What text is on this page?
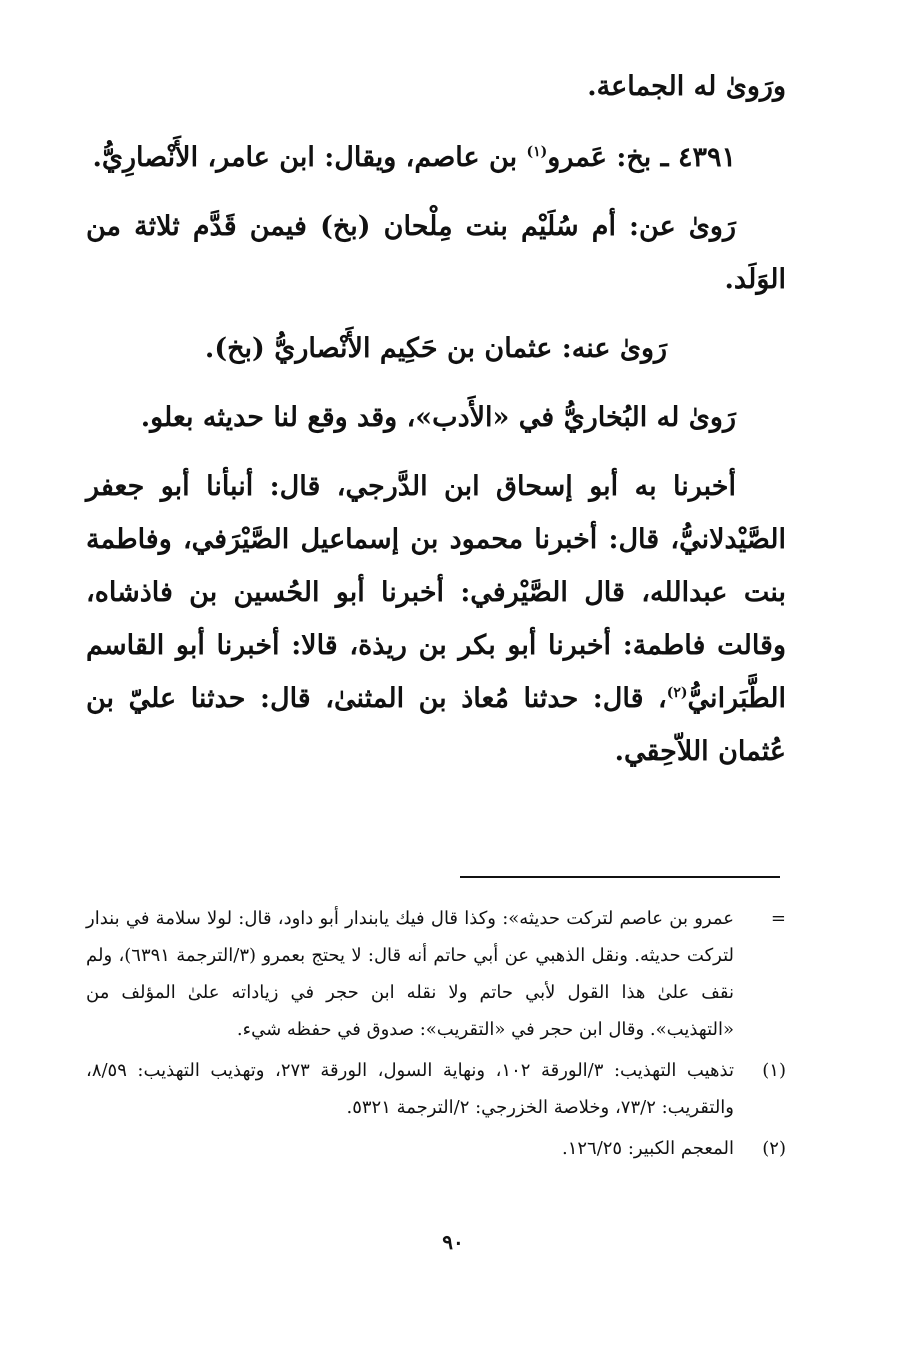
ورَوىٰ له الجماعة.

٤٣٩١ ـ بخ: عَمرو$^{(١)}$ بن عاصم، ويقال: ابن عامر، الأَنْصارِيُّ.

رَوىٰ عن: أم سُلَيْم بنت مِلْحان (بخ) فيمن قَدَّم ثلاثة من الوَلَد.

رَوىٰ عنه: عثمان بن حَكِيم الأَنْصاريُّ (بخ).

رَوىٰ له البُخاريُّ في «الأَدب»، وقد وقع لنا حديثه بعلو.

أخبرنا به أبو إسحاق ابن الدَّرجي، قال: أنبأنا أبو جعفر الصَّيْدلانيُّ، قال: أخبرنا محمود بن إسماعيل الصَّيْرَفي، وفاطمة بنت عبدالله، قال الصَّيْرفي: أخبرنا أبو الحُسين بن فاذشاه، وقالت فاطمة: أخبرنا أبو بكر بن ريذة، قالا: أخبرنا أبو القاسم الطَّبَرانيُّ$^{(٢)}$، قال: حدثنا مُعاذ بن المثنىٰ، قال: حدثنا عليّ بن عُثمان اللاّحِقي.

=
عمرو بن عاصم لتركت حديثه»: وكذا قال فيك يابندار أبو داود، قال: لولا سلامة في بندار لتركت حديثه. ونقل الذهبي عن أبي حاتم أنه قال: لا يحتج بعمرو (٣/الترجمة ٦٣٩١)، ولم نقف علىٰ هذا القول لأبي حاتم ولا نقله ابن حجر في زياداته علىٰ المؤلف من «التهذيب». وقال ابن حجر في «التقريب»: صدوق في حفظه شيء.
(١)
تذهيب التهذيب: ٣/الورقة ١٠٢، ونهاية السول، الورقة ٢٧٣، وتهذيب التهذيب: ٨/٥٩، والتقريب: ٧٣/٢، وخلاصة الخزرجي: ٢/الترجمة ٥٣٢١.
(٢)
المعجم الكبير: ١٢٦/٢٥.
٩٠
